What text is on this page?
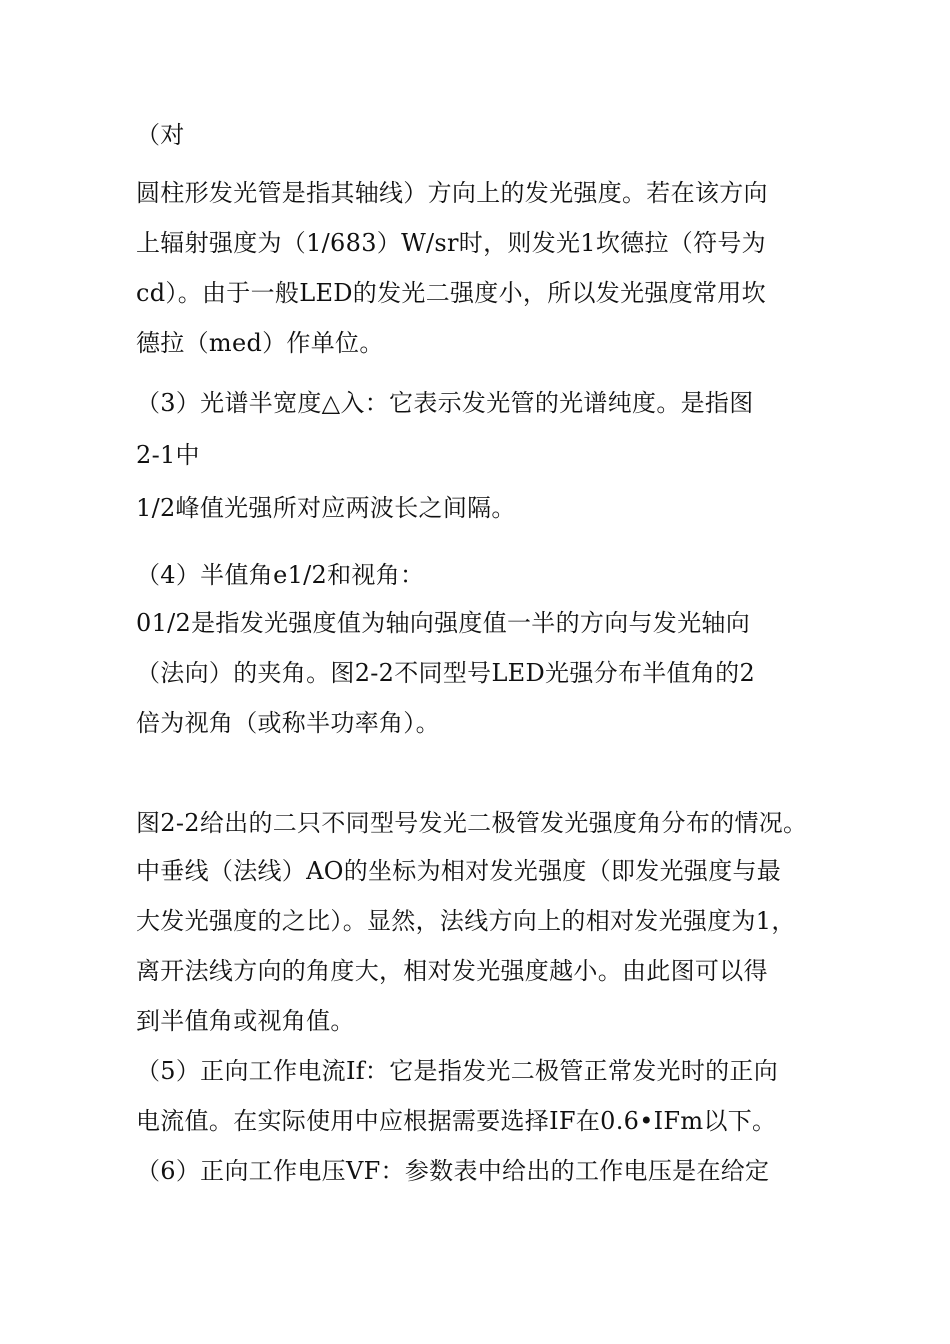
（对
圆柱形发光管是指其轴线）方向上的发光强度。若在该方向
上辐射强度为（1/683）W/sr时，则发光1坎德拉（符号为
cd）。由于一般LED的发光二强度小，所以发光强度常用坎
德拉（med）作单位。
（3）光谱半宽度△入：它表示发光管的光谱纯度。是指图
2-1中
1/2峰值光强所对应两波长之间隔。
（4）半值角e1/2和视角：
01/2是指发光强度值为轴向强度值一半的方向与发光轴向
（法向）的夹角。图2-2不同型号LED光强分布半值角的2
倍为视角（或称半功率角）。
图2-2给出的二只不同型号发光二极管发光强度角分布的情况。
中垂线（法线）AO的坐标为相对发光强度（即发光强度与最
大发光强度的之比）。显然，法线方向上的相对发光强度为1，
离开法线方向的角度大，相对发光强度越小。由此图可以得
到半值角或视角值。
（5）正向工作电流If：它是指发光二极管正常发光时的正向
电流值。在实际使用中应根据需要选择IF在0.6•IFm以下。
（6）正向工作电压VF：参数表中给出的工作电压是在给定
